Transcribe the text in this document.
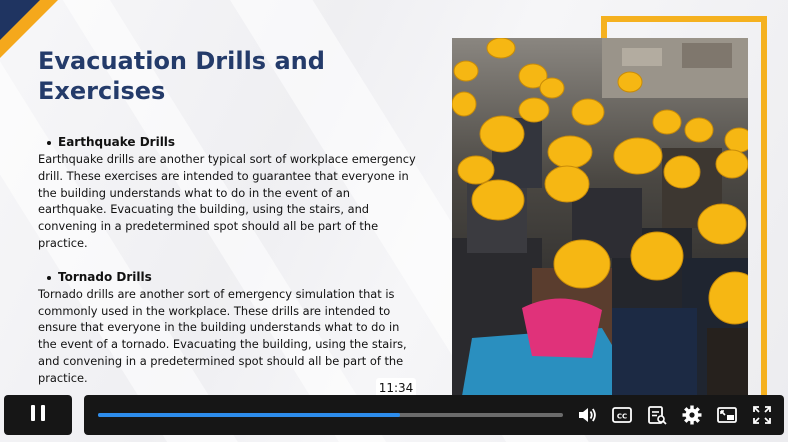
Evacuation Drills and Exercises
Earthquake Drills

Earthquake drills are another typical sort of workplace emergency drill. These exercises are intended to guarantee that everyone in the building understands what to do in the event of an earthquake. Evacuating the building, using the stairs, and convening in a predetermined spot should all be part of the practice.

Tornado Drills

Tornado drills are another sort of emergency simulation that is commonly used in the workplace. These drills are intended to ensure that everyone in the building understands what to do in the event of a tornado. Evacuating the building, using the stairs, and convening in a predetermined spot should all be part of the practice.

11:34
CC
